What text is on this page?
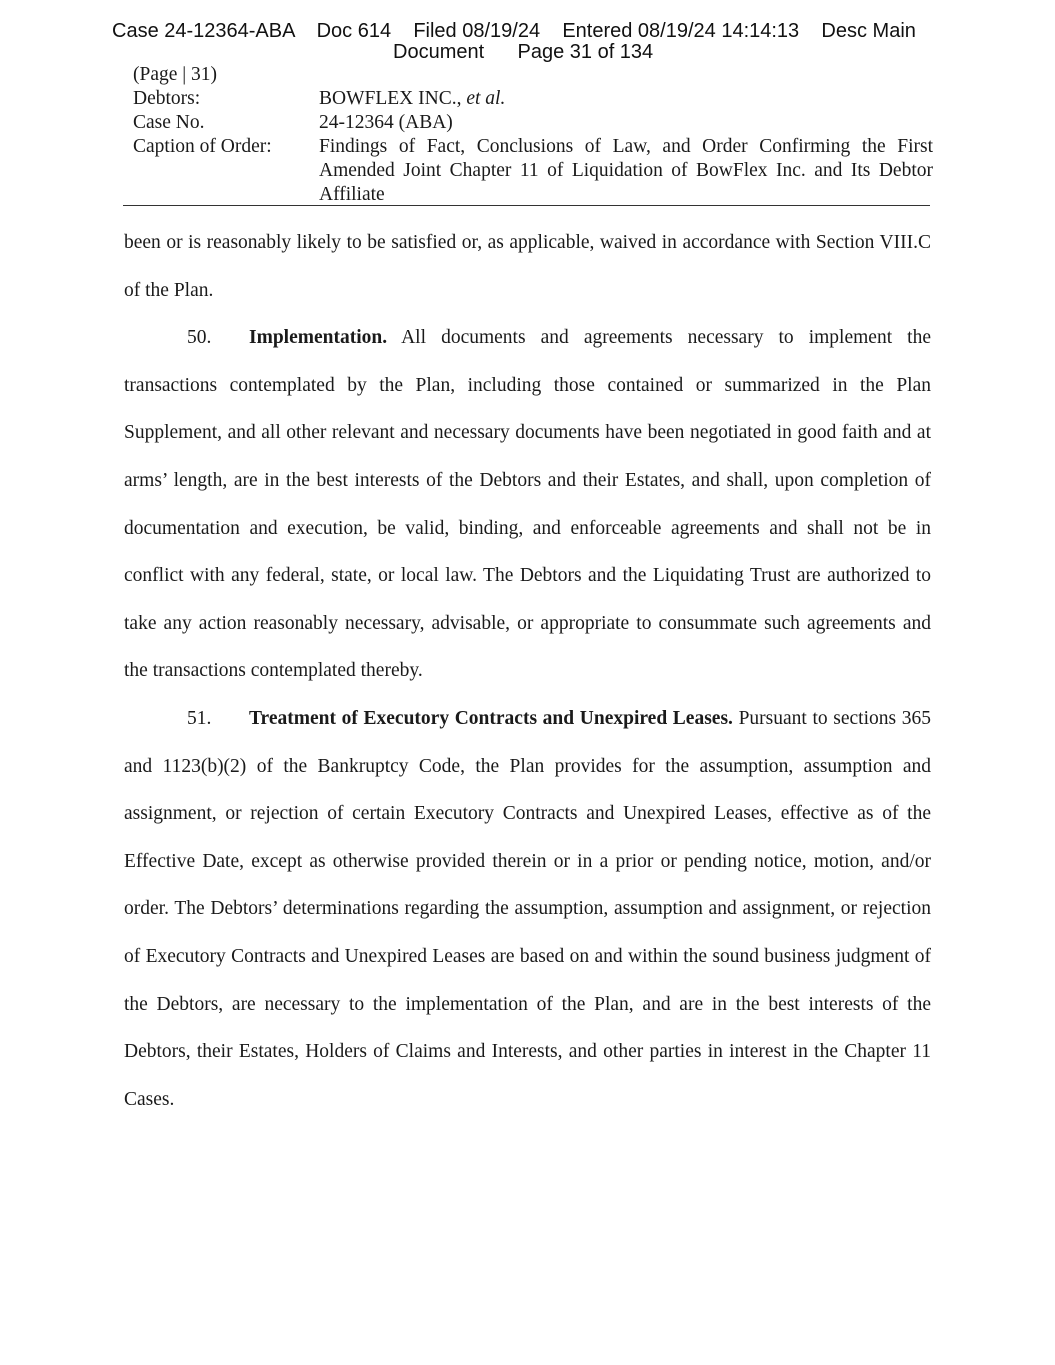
Case 24-12364-ABA Doc 614 Filed 08/19/24 Entered 08/19/24 14:14:13 Desc Main
Document Page 31 of 134
(Page | 31)
Debtors:	BOWFLEX INC., et al.
Case No.	24-12364 (ABA)
Caption of Order:	Findings of Fact, Conclusions of Law, and Order Confirming the First Amended Joint Chapter 11 of Liquidation of BowFlex Inc. and Its Debtor Affiliate

been or is reasonably likely to be satisfied or, as applicable, waived in accordance with Section VIII.C of the Plan.

50. Implementation. All documents and agreements necessary to implement the transactions contemplated by the Plan, including those contained or summarized in the Plan Supplement, and all other relevant and necessary documents have been negotiated in good faith and at arms’ length, are in the best interests of the Debtors and their Estates, and shall, upon completion of documentation and execution, be valid, binding, and enforceable agreements and shall not be in conflict with any federal, state, or local law. The Debtors and the Liquidating Trust are authorized to take any action reasonably necessary, advisable, or appropriate to consummate such agreements and the transactions contemplated thereby.

51. Treatment of Executory Contracts and Unexpired Leases. Pursuant to sections 365 and 1123(b)(2) of the Bankruptcy Code, the Plan provides for the assumption, assumption and assignment, or rejection of certain Executory Contracts and Unexpired Leases, effective as of the Effective Date, except as otherwise provided therein or in a prior or pending notice, motion, and/or order. The Debtors’ determinations regarding the assumption, assumption and assignment, or rejection of Executory Contracts and Unexpired Leases are based on and within the sound business judgment of the Debtors, are necessary to the implementation of the Plan, and are in the best interests of the Debtors, their Estates, Holders of Claims and Interests, and other parties in interest in the Chapter 11 Cases.
